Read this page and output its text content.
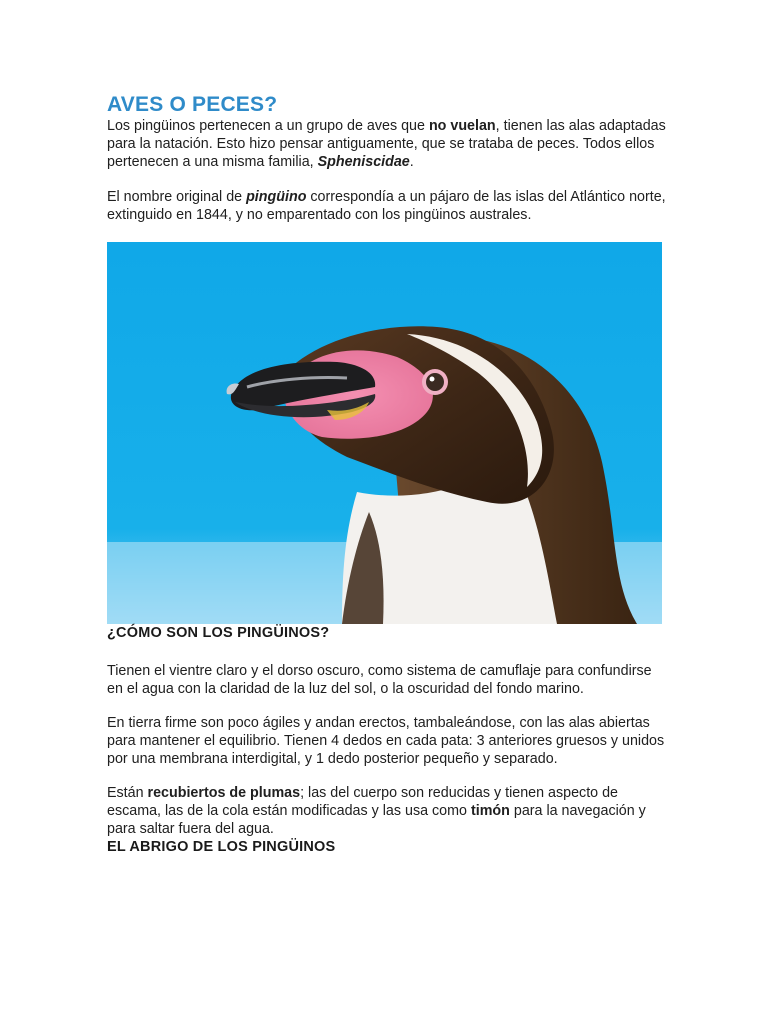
AVES O PECES?

Los pingüinos pertenecen a un grupo de aves que no vuelan, tienen las alas adaptadas para la natación. Esto hizo pensar antiguamente, que se trataba de peces. Todos ellos pertenecen a una misma familia, Spheniscidae.

El nombre original de pingüino correspondía a un pájaro de las islas del Atlántico norte, extinguido en 1844, y no emparentado con los pingüinos australes.

¿CÓMO SON LOS PINGÜINOS?

Tienen el vientre claro y el dorso oscuro, como sistema de camuflaje para confundirse en el agua con la claridad de la luz del sol, o la oscuridad del fondo marino.

En tierra firme son poco ágiles y andan erectos, tambaleándose, con las alas abiertas para mantener el equilibrio. Tienen 4 dedos en cada pata: 3 anteriores gruesos y unidos por una membrana interdigital, y 1 dedo posterior pequeño y separado.

Están recubiertos de plumas; las del cuerpo son reducidas y tienen aspecto de escama, las de la cola están modificadas y las usa como timón para la navegación y para saltar fuera del agua.

EL ABRIGO DE LOS PINGÜINOS
